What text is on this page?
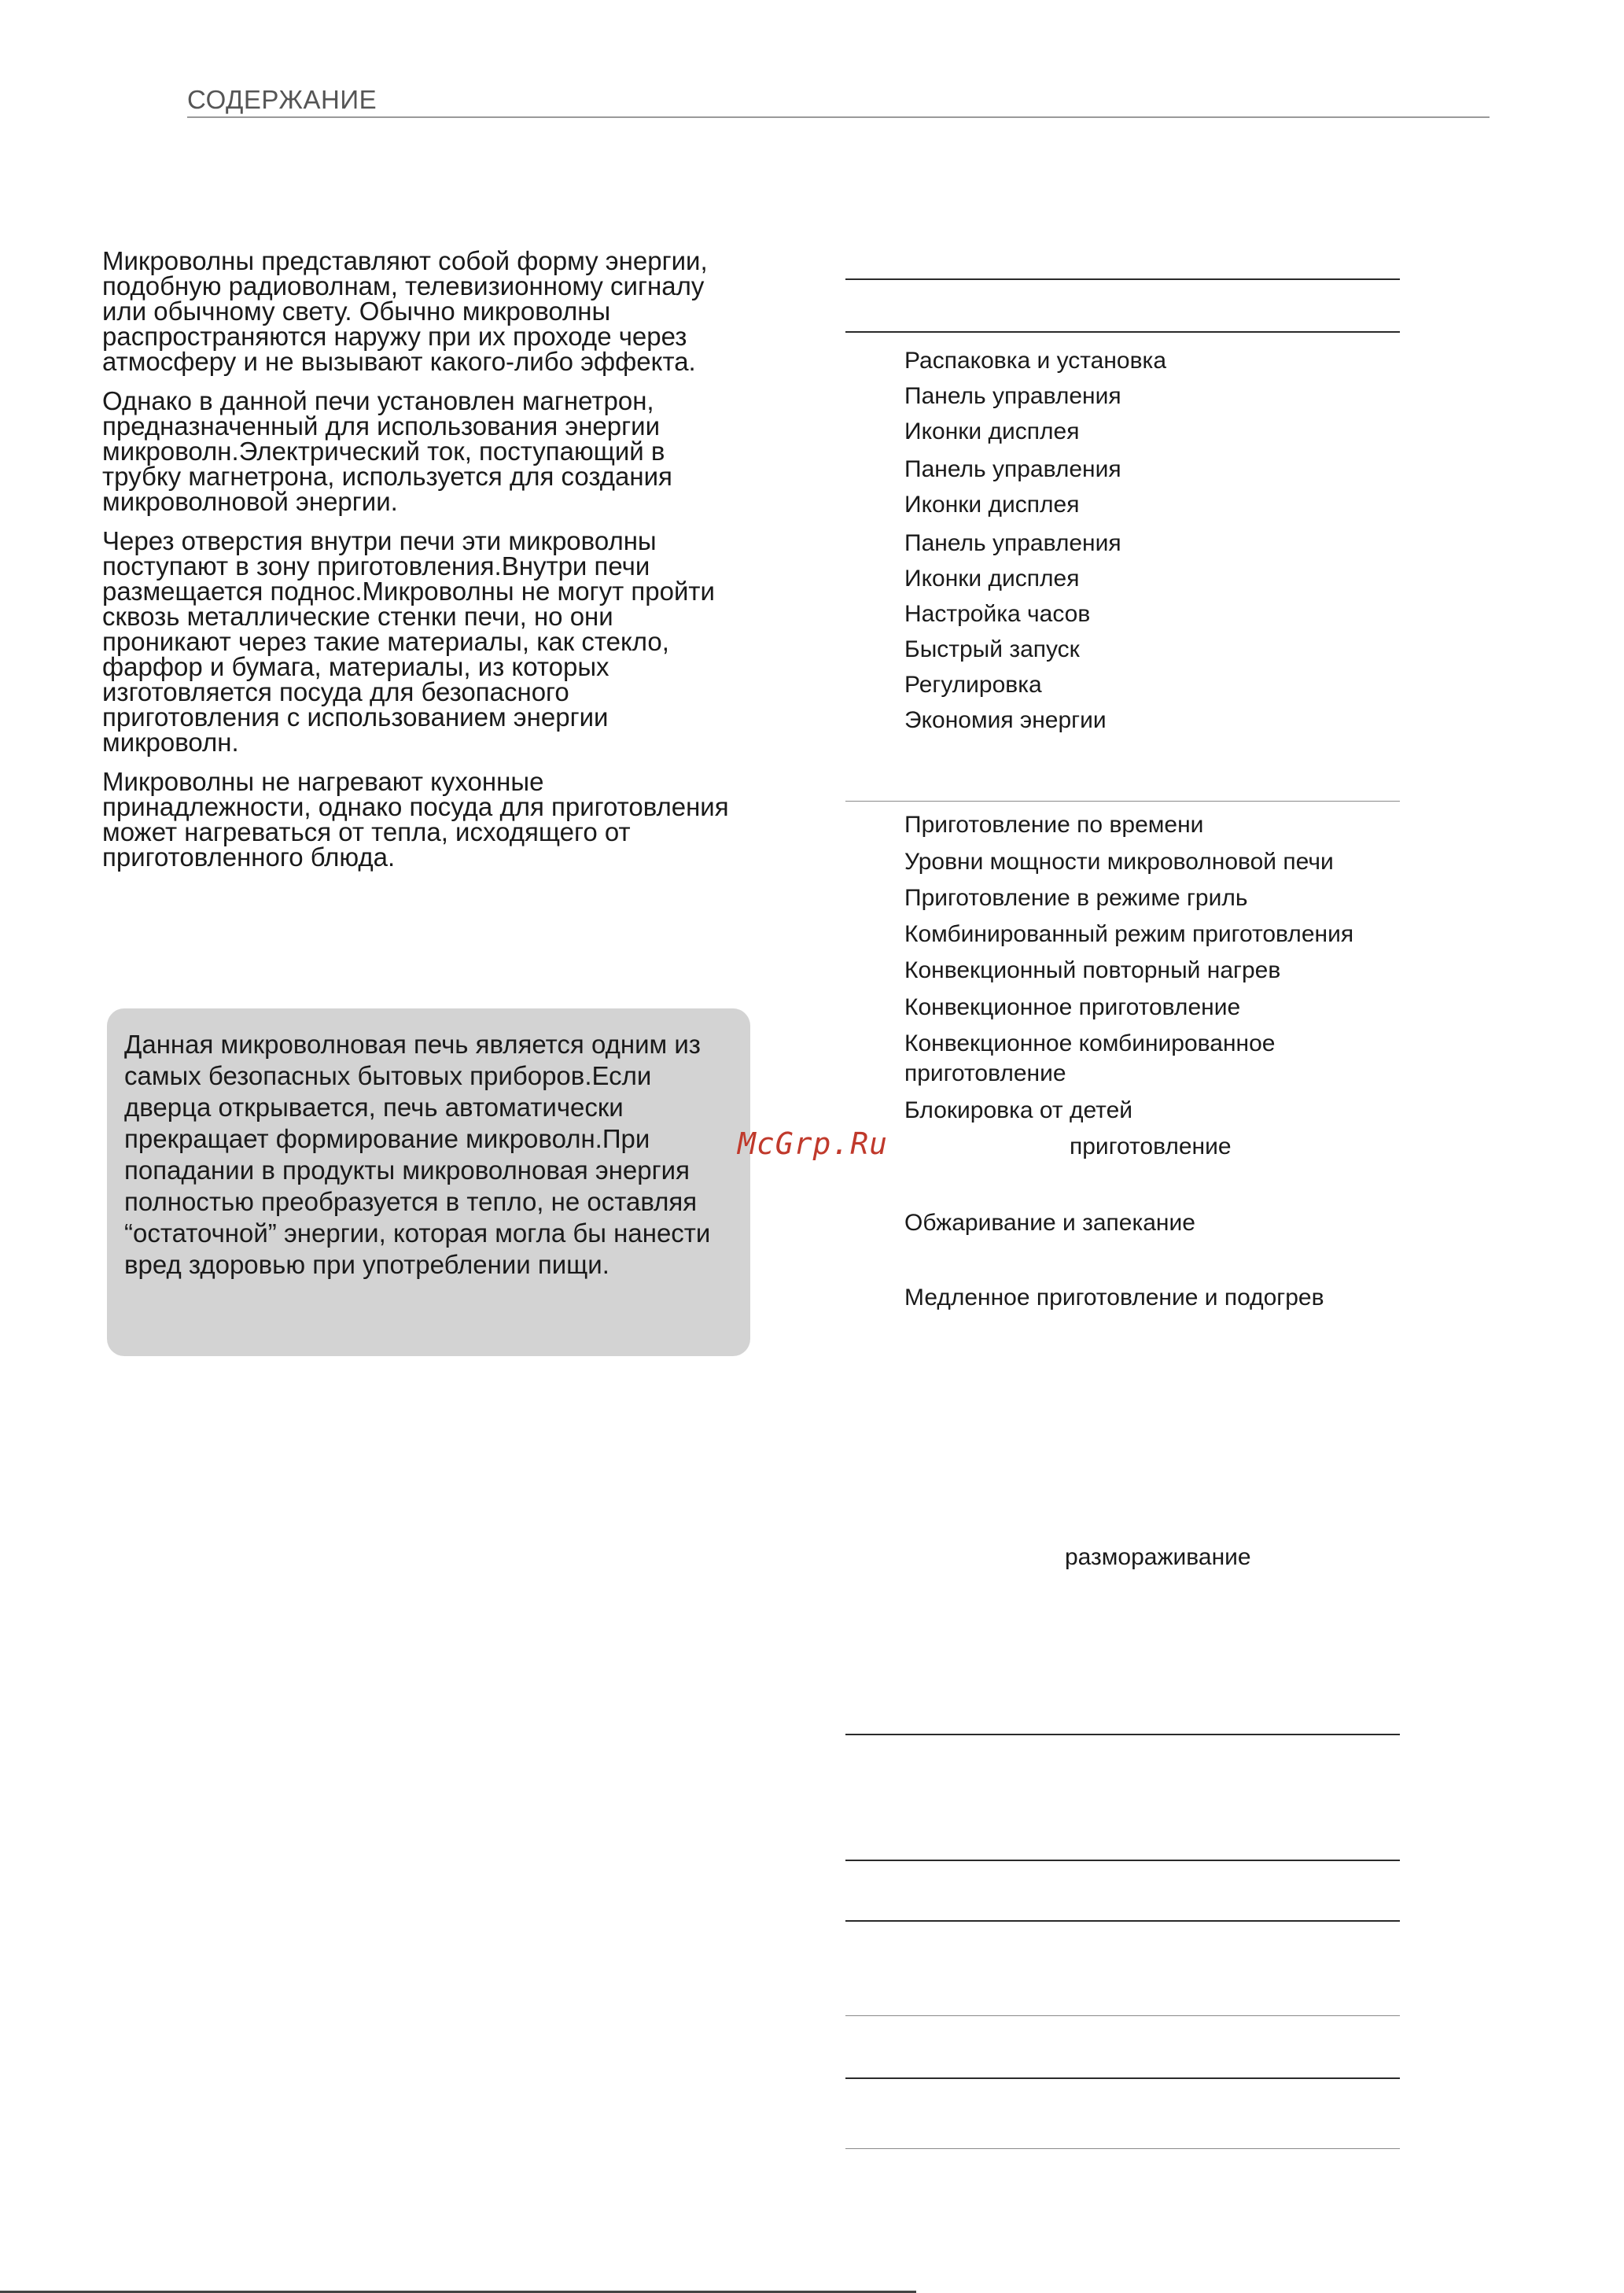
СОДЕРЖАНИЕ

Микроволны представляют собой форму энергии, подобную радиоволнам, телевизионному сигналу или обычному свету. Обычно микроволны распространяются наружу при их проходе через атмосферу и не вызывают какого-либо эффекта.

Однако в данной печи установлен магнетрон, предназначенный для использования энергии микроволн.Электрический ток, поступающий в трубку магнетрона, используется для создания микроволновой энергии.

Через отверстия внутри печи эти микроволны поступают в зону приготовления.Внутри печи размещается поднос.Микроволны не могут пройти сквозь металлические стенки печи, но они проникают через такие материалы, как стекло, фарфор и бумага, материалы, из которых изготовляется посуда для безопасного приготовления с использованием энергии микроволн.

Микроволны не нагревают кухонные принадлежности, однако посуда для приготовления может нагреваться от тепла, исходящего от приготовленного блюда.

Данная микроволновая печь является одним из самых безопасных бытовых приборов.Если дверца открывается, печь автоматически прекращает формирование микроволн.При попадании в продукты микроволновая энергия полностью преобразуется в тепло, не оставляя “остаточной” энергии, которая могла бы нанести вред здоровью при употреблении пищи.

Распаковка и установка
Панель управления
Иконки дисплея
Панель управления
Иконки дисплея
Панель управления
Иконки дисплея
Настройка часов
Быстрый запуск
Регулировка
Экономия энергии
Приготовление по времени
Уровни мощности микроволновой печи
Приготовление в режиме гриль
Комбинированный режим приготовления
Конвекционный повторный нагрев
Конвекционное приготовление
Конвекционное комбинированное
приготовление
Блокировка от детей
приготовление
Обжаривание и запекание
Медленное приготовление и подогрев
размораживание
McGrp.Ru
